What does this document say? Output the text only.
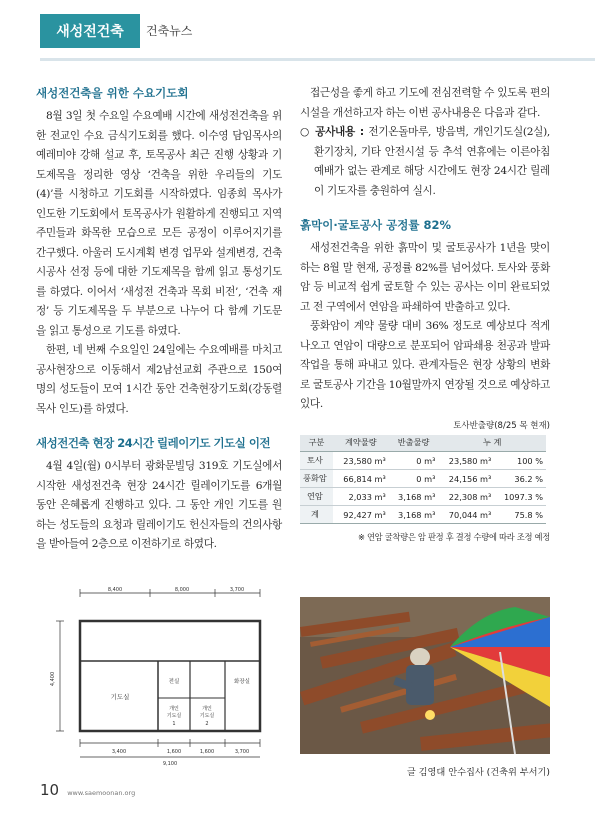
새성전건축	건축뉴스
새성전건축을 위한 수요기도회

8월 3일 첫 수요일 수요예배 시간에 새성전건축을 위한 전교인 수요 금식기도회를 했다. 이수영 담임목사의 예레미야 강해 설교 후, 토목공사 최근 진행 상황과 기도제목을 정리한 영상 ‘건축을 위한 우리들의 기도(4)’를 시청하고 기도회를 시작하였다. 임종희 목사가 인도한 기도회에서 토목공사가 원활하게 진행되고 지역 주민들과 화목한 모습으로 모든 공정이 이루어지기를 간구했다. 아울러 도시계획 변경 업무와 설계변경, 건축 시공사 선정 등에 대한 기도제목을 함께 읽고 통성기도를 하였다. 이어서 ‘새성전 건축과 목회 비전’, ‘건축 재정’ 등 기도제목을 두 부분으로 나누어 다 함께 기도문을 읽고 통성으로 기도를 하였다.

한편, 네 번째 수요일인 24일에는 수요예배를 마치고 공사현장으로 이동해서 제2남선교회 주관으로 150여명의 성도들이 모여 1시간 동안 건축현장기도회(강동렬 목사 인도)를 하였다.

새성전건축 현장 24시간 릴레이기도 기도실 이전

4월 4일(월) 0시부터 광화문빌딩 319호 기도실에서 시작한 새성전건축 현장 24시간 릴레이기도를 6개월 동안 은혜롭게 진행하고 있다. 그 동안 개인 기도를 원하는 성도들의 요청과 릴레이기도 헌신자들의 건의사항을 받아들여 2층으로 이전하기로 하였다.

접근성을 좋게 하고 기도에 전심전력할 수 있도록 편의시설을 개선하고자 하는 이번 공사내용은 다음과 같다.

○ 공사내용 : 전기온돌마루, 방음벽, 개인기도실(2실), 환기장치, 기타 안전시설 등 추석 연휴에는 이른아침예배가 없는 관계로 해당 시간에도 현장 24시간 릴레이 기도자를 충원하여 실시.
흙막이·굴토공사 공정률 82%

새성전건축을 위한 흙막이 및 굴토공사가 1년을 맞이하는 8월 말 현재, 공정률 82%를 넘어섰다. 토사와 풍화암 등 비교적 쉽게 굴토할 수 있는 공사는 이미 완료되었고 전 구역에서 연암을 파쇄하여 반출하고 있다.

풍화암이 계약 물량 대비 36% 정도로 예상보다 적게 나오고 연암이 대량으로 분포되어 암파쇄용 천공과 발파 작업을 통해 파내고 있다. 관계자들은 현장 상황의 변화로 굴토공사 기간을 10월말까지 연장될 것으로 예상하고 있다.

토사반출량(8/25 목 현재)
구분	계약물량	반출물량	누 계	
토사	23,580 m³	0 m³	23,580 m³	100 %
풍화암	66,814 m³	0 m³	24,156 m³	36.2 %
연암	2,033 m³	3,168 m³	22,308 m³	1097.3 %
계	92,427 m³	3,168 m³	70,044 m³	75.8 %
※ 연암 굴착량은 암 판정 후 결정 수량에 따라 조정 예정
8,400	8,000	3,700
3,400	1,600	1,600	3,700
9,100
4,400
기도실
전실
개인
기도실
개인
기도실
1	2
화장실
글 김영대 안수집사 (건축위 부서기)
10 www.saemoonan.org
